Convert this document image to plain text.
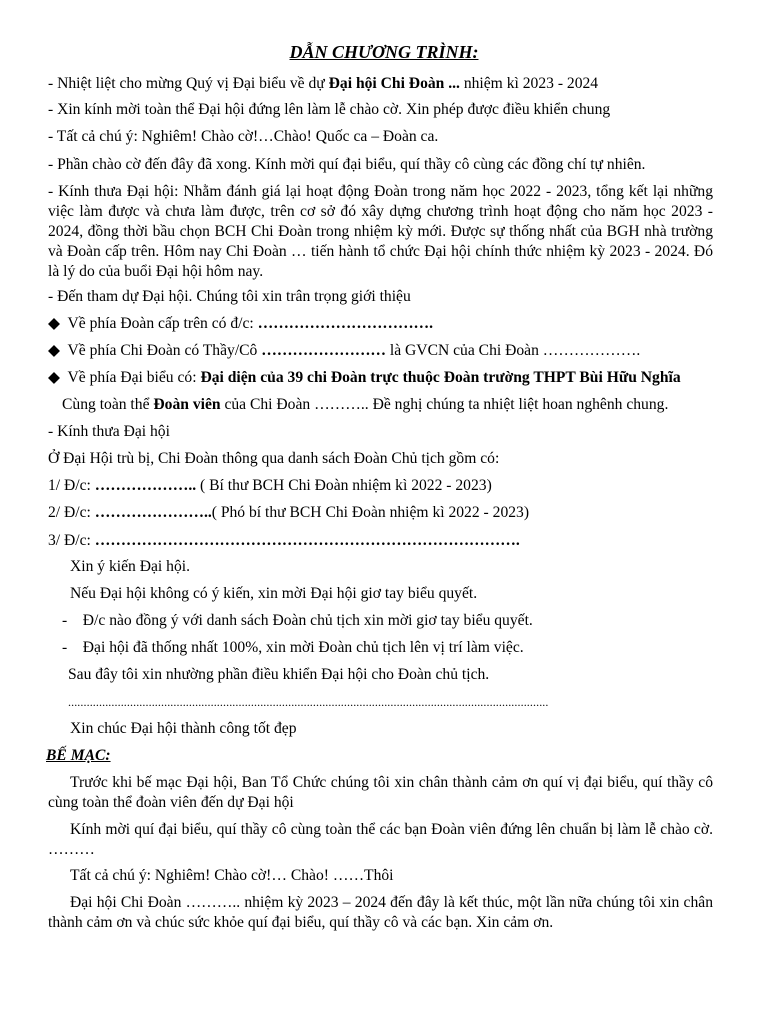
DẪN CHƯƠNG TRÌNH:
- Nhiệt liệt cho mừng Quý vị Đại biểu về dự Đại hội Chi Đoàn ... nhiệm kì 2023 - 2024
- Xin kính mời toàn thể Đại hội đứng lên làm lễ chào cờ. Xin phép được điều khiển chung
- Tất cả chú ý: Nghiêm! Chào cờ!…Chào! Quốc ca – Đoàn ca.
- Phần chào cờ đến đây đã xong. Kính mời quí đại biểu, quí thầy cô cùng các đồng chí tự nhiên.
- Kính thưa Đại hội: Nhằm đánh giá lại hoạt động Đoàn trong năm học 2022 - 2023, tổng kết lại những việc làm được và chưa làm được, trên cơ sở đó xây dựng chương trình hoạt động cho năm học 2023 - 2024, đồng thời bầu chọn BCH Chi Đoàn trong nhiệm kỳ mới. Được sự thống nhất của BGH nhà trường và Đoàn cấp trên. Hôm nay Chi Đoàn … tiến hành tổ chức Đại hội chính thức nhiệm kỳ 2023 - 2024. Đó là lý do của buổi Đại hội hôm nay.
- Đến tham dự Đại hội. Chúng tôi xin trân trọng giới thiệu
◆ Về phía Đoàn cấp trên có đ/c: …………………………….
◆ Về phía Chi Đoàn có Thầy/Cô …………………… là GVCN của Chi Đoàn ……………….
◆ Về phía Đại biểu có: Đại diện của 39 chi Đoàn trực thuộc Đoàn trường THPT Bùi Hữu Nghĩa
Cùng toàn thể Đoàn viên của Chi Đoàn ……….. Đề nghị chúng ta nhiệt liệt hoan nghênh chung.
- Kính thưa Đại hội
Ở Đại Hội trù bị, Chi Đoàn thông qua danh sách Đoàn Chủ tịch gồm có:
1/ Đ/c: ……………….. ( Bí thư BCH Chi Đoàn nhiệm kì 2022 - 2023)
2/ Đ/c: …………………..( Phó bí thư BCH Chi Đoàn nhiệm kì 2022 - 2023)
3/ Đ/c: ……………………………………………………………………….
Xin ý kiến Đại hội.
Nếu Đại hội không có ý kiến, xin mời Đại hội giơ tay biểu quyết.
-    Đ/c nào đồng ý với danh sách Đoàn chủ tịch xin mời giơ tay biểu quyết.
-    Đại hội đã thống nhất 100%, xin mời Đoàn chủ tịch lên vị trí làm việc.
Sau đây tôi xin nhường phần điều khiển Đại hội cho Đoàn chủ tịch.
...........................................................................................................................................................
Xin chúc Đại hội thành công tốt đẹp
BẾ MẠC:
Trước khi bế mạc Đại hội, Ban Tổ Chức chúng tôi xin chân thành cảm ơn quí vị đại biểu, quí thầy cô cùng toàn thể đoàn viên đến dự Đại hội
Kính mời quí đại biểu, quí thầy cô cùng toàn thể các bạn Đoàn viên đứng lên chuẩn bị làm lễ chào cờ. ………
Tất cả chú ý: Nghiêm! Chào cờ!… Chào! ……Thôi
Đại hội Chi Đoàn ……….. nhiệm kỳ 2023 – 2024 đến đây là kết thúc, một lần nữa chúng tôi xin chân thành cảm ơn và chúc sức khỏe quí đại biểu, quí thầy cô và các bạn. Xin cảm ơn.
